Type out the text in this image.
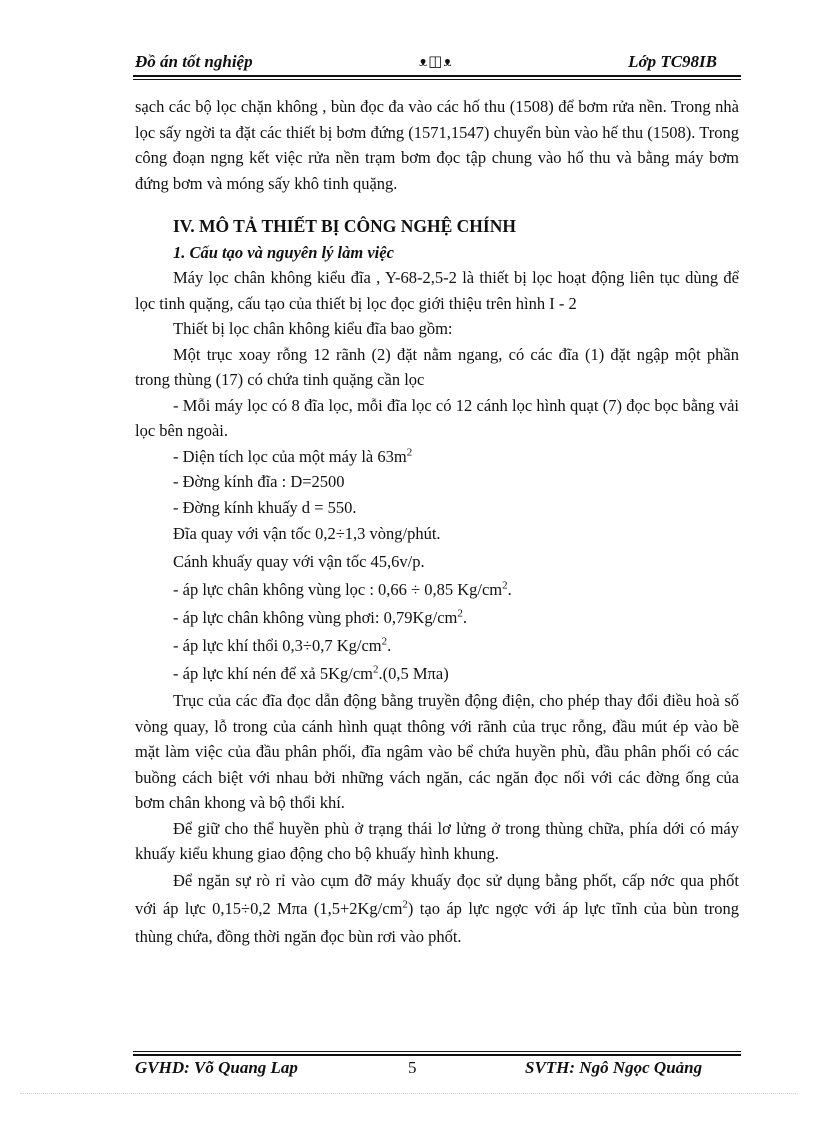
Đồ án tốt nghiệp	ᴥ◫ᴥ	Lớp TC98IB

sạch các bộ lọc chặn không , bùn đọc đa vào các hố thu (1508) để bơm rửa nền. Trong nhà lọc sấy ngời ta đặt các thiết bị bơm đứng (1571,1547) chuyển bùn vào hế thu (1508). Trong công đoạn ngng kết việc rửa nền trạm bơm đọc tập chung vào hố thu và bằng máy bơm đứng bơm và móng sấy khô tinh quặng.

IV. MÔ TẢ THIẾT BỊ CÔNG NGHỆ CHÍNH

1. Cấu tạo và nguyên lý làm việc

Máy lọc chân không kiểu đĩa , Y-68-2,5-2 là thiết bị lọc hoạt động liên tục dùng để lọc tinh quặng, cấu tạo của thiết bị lọc đọc giới thiệu trên hình I - 2

Thiết bị lọc chân không kiểu đĩa bao gồm:

Một trục xoay rỗng 12 rãnh (2) đặt nằm ngang, có các đĩa (1) đặt ngập một phần trong thùng (17) có chứa tinh quặng cần lọc

- Mỗi máy lọc có 8 đĩa lọc, mỗi đĩa lọc có 12 cánh lọc hình quạt (7) đọc bọc bằng vải lọc bên ngoài.

- Diện tích lọc của một máy là $63m^2$

- Đờng kính đĩa : D=2500

- Đờng kính khuấy d = 550.

Đĩa quay với vận tốc 0,2÷1,3 vòng/phút.

Cánh khuấy quay với vận tốc 45,6v/p.

- áp lực chân không vùng lọc : 0,66 ÷ 0,85 $Kg/cm^2$.

- áp lực chân không vùng phơi: $0,79Kg/cm^2$.

- áp lực khí thổi 0,3÷0,7 $Kg/cm^2$.

- áp lực khí nén để xả $5Kg/cm^2.(0,5$ Mπa)

Trục của các đĩa đọc dẫn động bằng truyền động điện, cho phép thay đổi điều hoà số vòng quay, lỗ trong của cánh hình quạt thông với rãnh của trục rỗng, đầu mút ép vào bề mặt làm việc của đầu phân phối, đĩa ngâm vào bể chứa huyền phù, đầu phân phối có các buồng cách biệt với nhau bởi những vách ngăn, các ngăn đọc nối với các đờng ống của bơm chân khong và bộ thổi khí.

Để giữ cho thể huyền phù ở trạng thái lơ lửng ở trong thùng chữa, phía dới có máy khuấy kiểu khung giao động cho bộ khuấy hình khung.

Để ngăn sự rò rỉ vào cụm đỡ máy khuấy đọc sử dụng bằng phốt, cấp nớc qua phốt với áp lực 0,15÷0,2 Mπa $(1,5+2Kg/cm^2)$ tạo áp lực ngợc với áp lực tĩnh của bùn trong thùng chứa, đồng thời ngăn đọc bùn rơi vào phốt.

GVHD: Võ Quang Lap	5	SVTH: Ngô Ngọc Quảng
